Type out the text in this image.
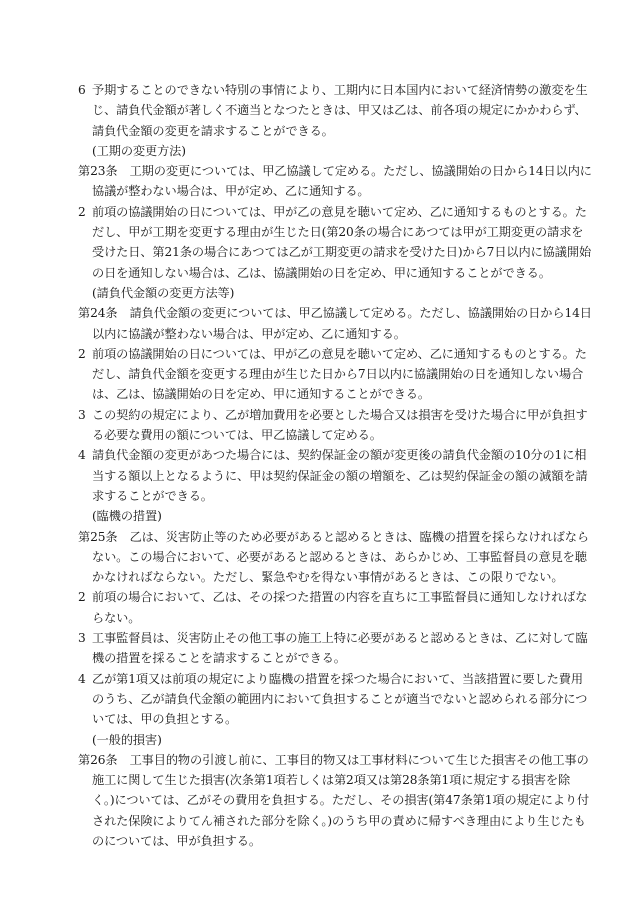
6 予期することのできない特別の事情により、工期内に日本国内において経済情勢の激変を生じ、請負代金額が著しく不適当となつたときは、甲又は乙は、前各項の規定にかかわらず、請負代金額の変更を請求することができる。

(工期の変更方法)

第23条　 工期の変更については、甲乙協議して定める。ただし、協議開始の日から14日以内に協議が整わない場合は、甲が定め、乙に通知する。

2 前項の協議開始の日については、甲が乙の意見を聴いて定め、乙に通知するものとする。ただし、甲が工期を変更する理由が生じた日(第20条の場合にあつては甲が工期変更の請求を受けた日、第21条の場合にあつては乙が工期変更の請求を受けた日)から7日以内に協議開始の日を通知しない場合は、乙は、協議開始の日を定め、甲に通知することができる。

(請負代金額の変更方法等)

第24条　 請負代金額の変更については、甲乙協議して定める。ただし、協議開始の日から14日以内に協議が整わない場合は、甲が定め、乙に通知する。

2 前項の協議開始の日については、甲が乙の意見を聴いて定め、乙に通知するものとする。ただし、請負代金額を変更する理由が生じた日から7日以内に協議開始の日を通知しない場合は、乙は、協議開始の日を定め、甲に通知することができる。

3 この契約の規定により、乙が増加費用を必要とした場合又は損害を受けた場合に甲が負担する必要な費用の額については、甲乙協議して定める。

4 請負代金額の変更があつた場合には、契約保証金の額が変更後の請負代金額の10分の1に相当する額以上となるように、甲は契約保証金の額の増額を、乙は契約保証金の額の減額を請求することができる。

(臨機の措置)

第25条　 乙は、災害防止等のため必要があると認めるときは、臨機の措置を採らなければならない。この場合において、必要があると認めるときは、あらかじめ、工事監督員の意見を聴かなければならない。ただし、緊急やむを得ない事情があるときは、この限りでない。

2 前項の場合において、乙は、その採つた措置の内容を直ちに工事監督員に通知しなければならない。

3 工事監督員は、災害防止その他工事の施工上特に必要があると認めるときは、乙に対して臨機の措置を採ることを請求することができる。

4 乙が第1項又は前項の規定により臨機の措置を採つた場合において、当該措置に要した費用のうち、乙が請負代金額の範囲内において負担することが適当でないと認められる部分については、甲の負担とする。

(一般的損害)

第26条　 工事目的物の引渡し前に、工事目的物又は工事材料について生じた損害その他工事の施工に関して生じた損害(次条第1項若しくは第2項又は第28条第1項に規定する損害を除く。)については、乙がその費用を負担する。ただし、その損害(第47条第1項の規定により付された保険によりてん補された部分を除く。)のうち甲の責めに帰すべき理由により生じたものについては、甲が負担する。
